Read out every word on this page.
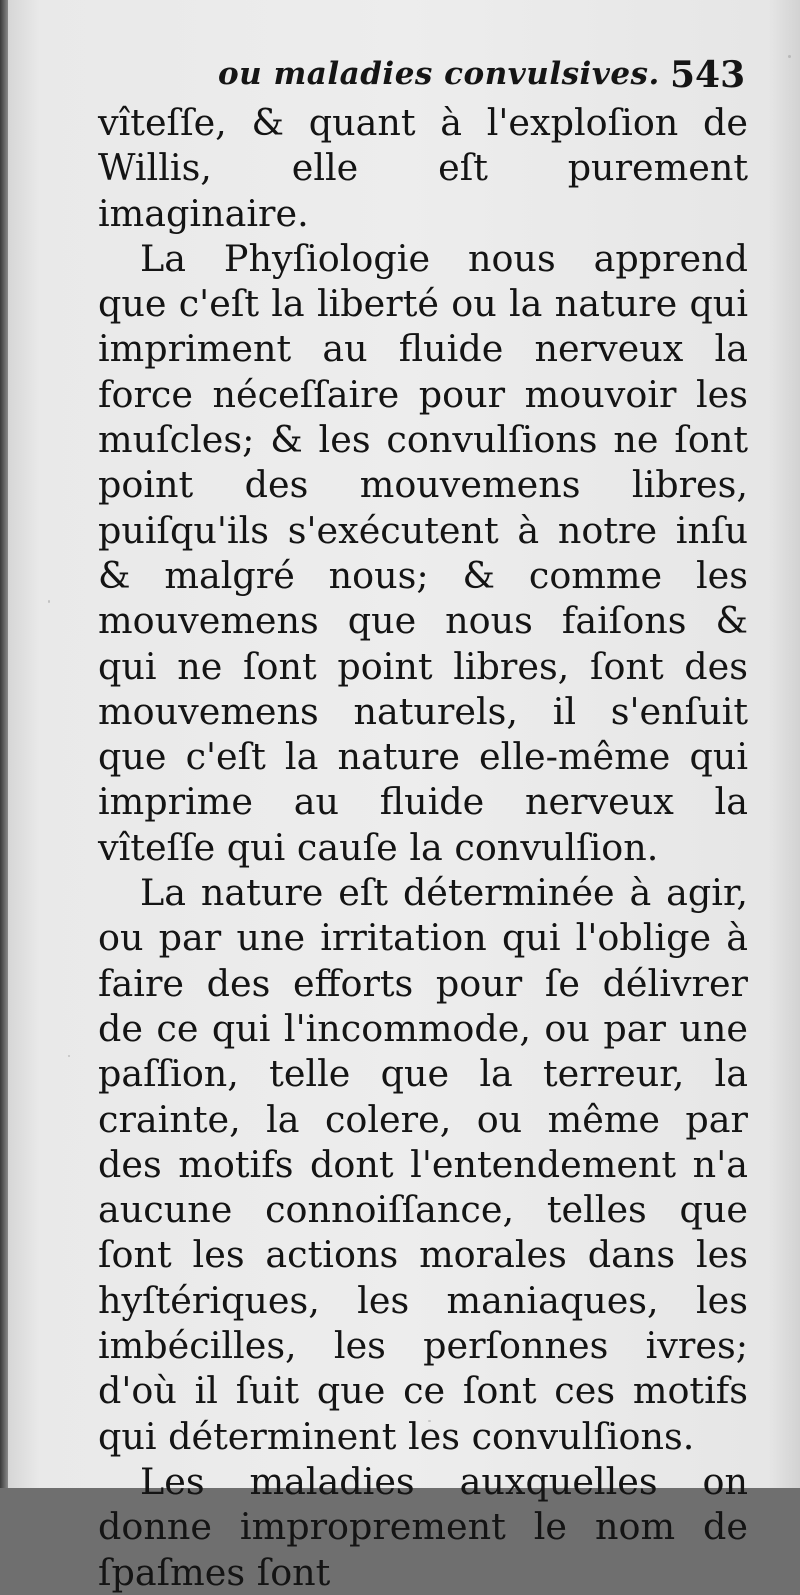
ou maladies convulsives. 543

vîteſſe, & quant à l'exploſion de Willis, elle eſt purement imaginaire.

La Phyſiologie nous apprend que c'eſt la liberté ou la nature qui impriment au fluide nerveux la force néceſſaire pour mouvoir les muſcles; & les convulſions ne ſont point des mouvemens libres, puiſqu'ils s'exécutent à notre inſu & malgré nous; & comme les mouvemens que nous faiſons & qui ne ſont point libres, ſont des mouvemens naturels, il s'enſuit que c'eſt la nature elle-même qui imprime au fluide nerveux la vîteſſe qui cauſe la convulſion.

La nature eſt déterminée à agir, ou par une irritation qui l'oblige à faire des efforts pour ſe délivrer de ce qui l'incommode, ou par une paſſion, telle que la terreur, la crainte, la colere, ou même par des motifs dont l'entendement n'a aucune connoiſſance, telles que ſont les actions morales dans les hyſtériques, les maniaques, les imbécilles, les perſonnes ivres; d'où il ſuit que ce ſont ces motifs qui déterminent les convulſions.

Les maladies auxquelles on donne improprement le nom de ſpaſmes ſont
